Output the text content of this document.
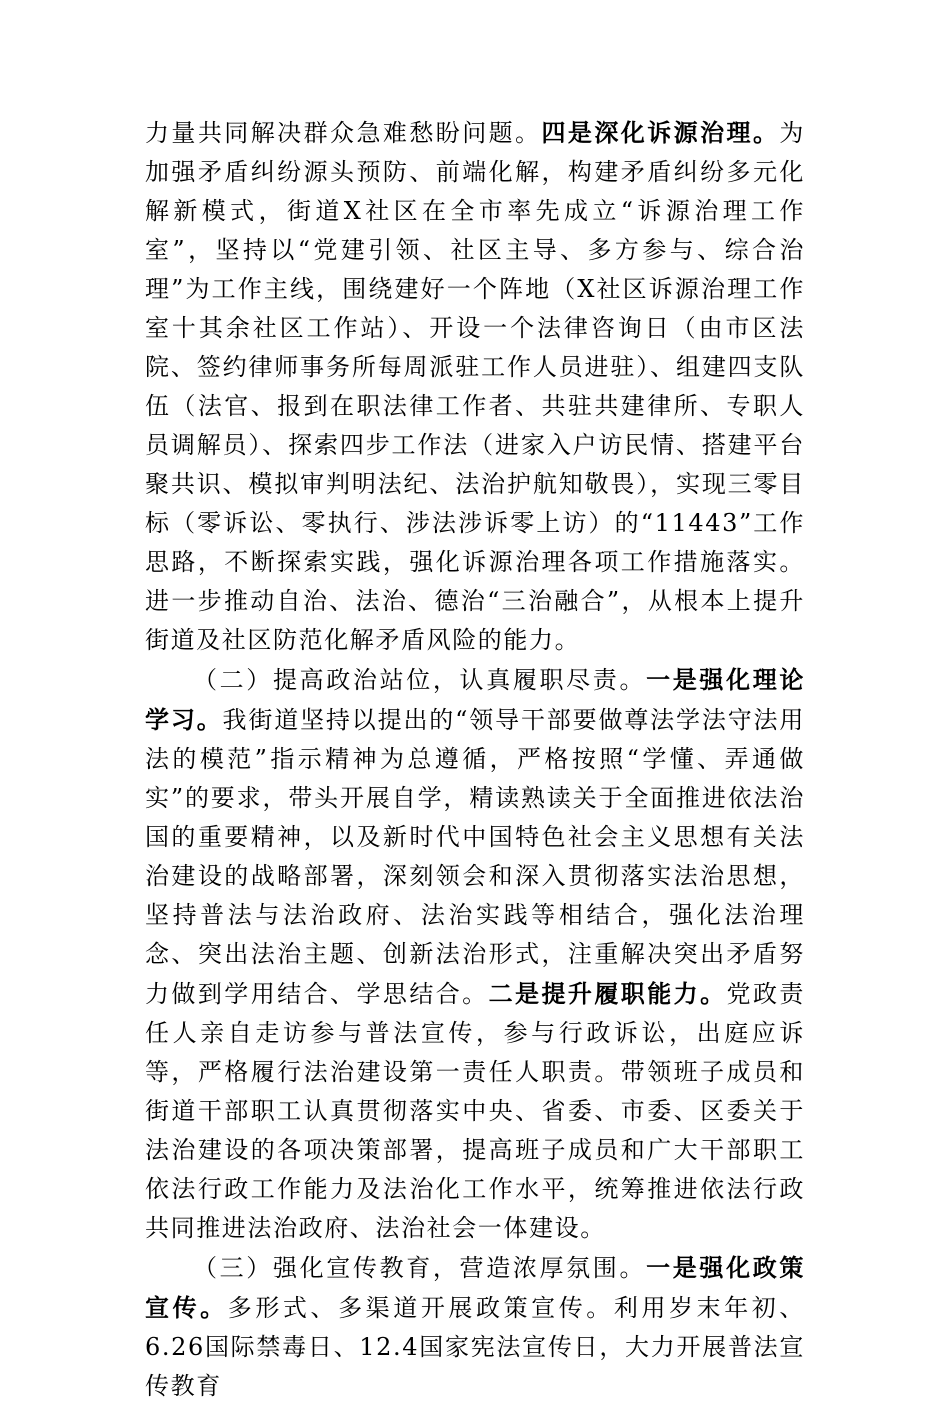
力量共同解决群众急难愁盼问题。四是深化诉源治理。为加强矛盾纠纷源头预防、前端化解，构建矛盾纠纷多元化解新模式，街道X社区在全市率先成立“诉源治理工作室”，坚持以“党建引领、社区主导、多方参与、综合治理”为工作主线，围绕建好一个阵地（X社区诉源治理工作室十其余社区工作站）、开设一个法律咨询日（由市区法院、签约律师事务所每周派驻工作人员进驻）、组建四支队伍（法官、报到在职法律工作者、共驻共建律所、专职人员调解员）、探索四步工作法（进家入户访民情、搭建平台聚共识、模拟审判明法纪、法治护航知敬畏），实现三零目标（零诉讼、零执行、涉法涉诉零上访）的“11443”工作思路，不断探索实践，强化诉源治理各项工作措施落实。进一步推动自治、法治、德治“三治融合”，从根本上提升街道及社区防范化解矛盾风险的能力。

（二）提高政治站位，认真履职尽责。一是强化理论学习。我街道坚持以提出的“领导干部要做尊法学法守法用法的模范”指示精神为总遵循，严格按照“学懂、弄通做实”的要求，带头开展自学，精读熟读关于全面推进依法治国的重要精神，以及新时代中国特色社会主义思想有关法治建设的战略部署，深刻领会和深入贯彻落实法治思想，坚持普法与法治政府、法治实践等相结合，强化法治理念、突出法治主题、创新法治形式，注重解决突出矛盾努力做到学用结合、学思结合。二是提升履职能力。党政责任人亲自走访参与普法宣传，参与行政诉讼，出庭应诉等，严格履行法治建设第一责任人职责。带领班子成员和街道干部职工认真贯彻落实中央、省委、市委、区委关于法治建设的各项决策部署，提高班子成员和广大干部职工依法行政工作能力及法治化工作水平，统筹推进依法行政共同推进法治政府、法治社会一体建设。

（三）强化宣传教育，营造浓厚氛围。一是强化政策宣传。多形式、多渠道开展政策宣传。利用岁末年初、6.26国际禁毒日、12.4国家宪法宣传日，大力开展普法宣传教育
